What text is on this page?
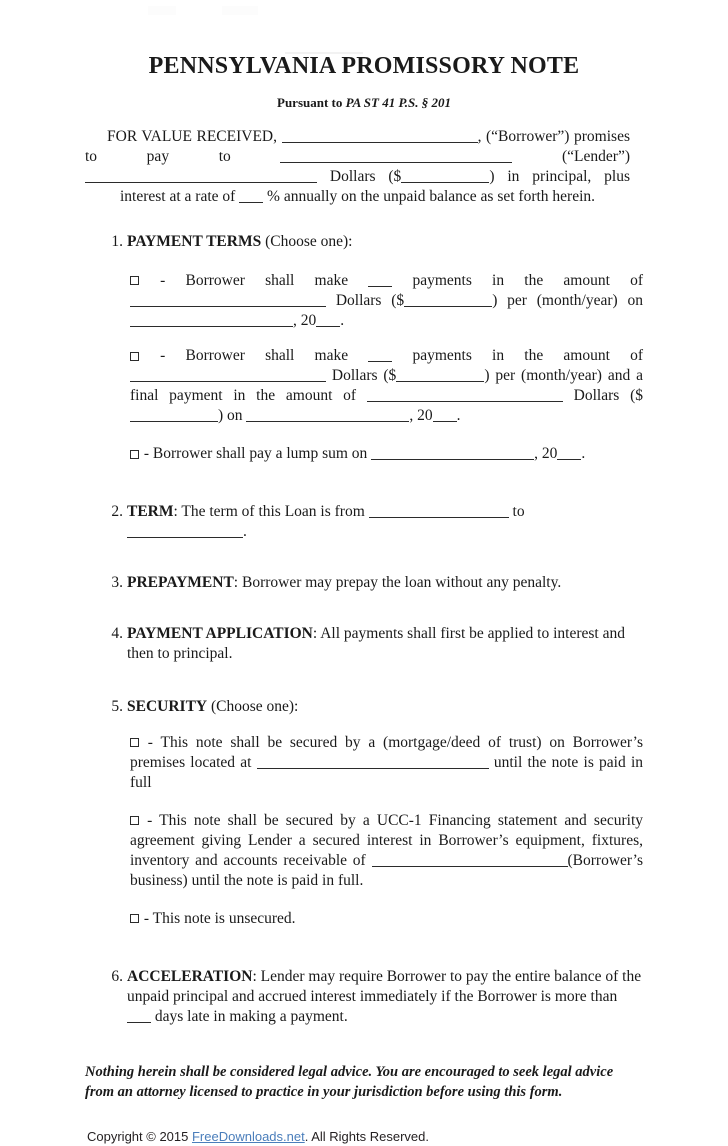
PENNSYLVANIA PROMISSORY NOTE

Pursuant to PA ST 41 P.S. § 201

FOR VALUE RECEIVED,	, (“Borrower”) promises to pay to	(“Lender”)  Dollars ($	) in principal, plus interest at a rate of  % annually on the unpaid balance as set forth herein.

1. PAYMENT TERMS (Choose one):

- Borrower shall make  payments in the amount of  Dollars ($	) per (month/year) on , 20 .

- Borrower shall make  payments in the amount of  Dollars ($	) per (month/year) and a final payment in the amount of	Dollars ($) on	, 20 .

- Borrower shall pay a lump sum on	, 20 .

2. TERM: The term of this Loan is from	to .

3. PREPAYMENT: Borrower may prepay the loan without any penalty.

4. PAYMENT APPLICATION: All payments shall first be applied to interest and then to principal.

5. SECURITY (Choose one):

- This note shall be secured by a (mortgage/deed of trust) on Borrower’s premises located at	until the note is paid in full

- This note shall be secured by a UCC-1 Financing statement and security agreement giving Lender a secured interest in Borrower’s equipment, fixtures, inventory and accounts receivable of	(Borrower’s business) until the note is paid in full.

- This note is unsecured.

6. ACCELERATION: Lender may require Borrower to pay the entire balance of the unpaid principal and accrued interest immediately if the Borrower is more than  days late in making a payment.

Nothing herein shall be considered legal advice. You are encouraged to seek legal advice from an attorney licensed to practice in your jurisdiction before using this form.

Copyright © 2015 FreeDownloads.net. All Rights Reserved.
